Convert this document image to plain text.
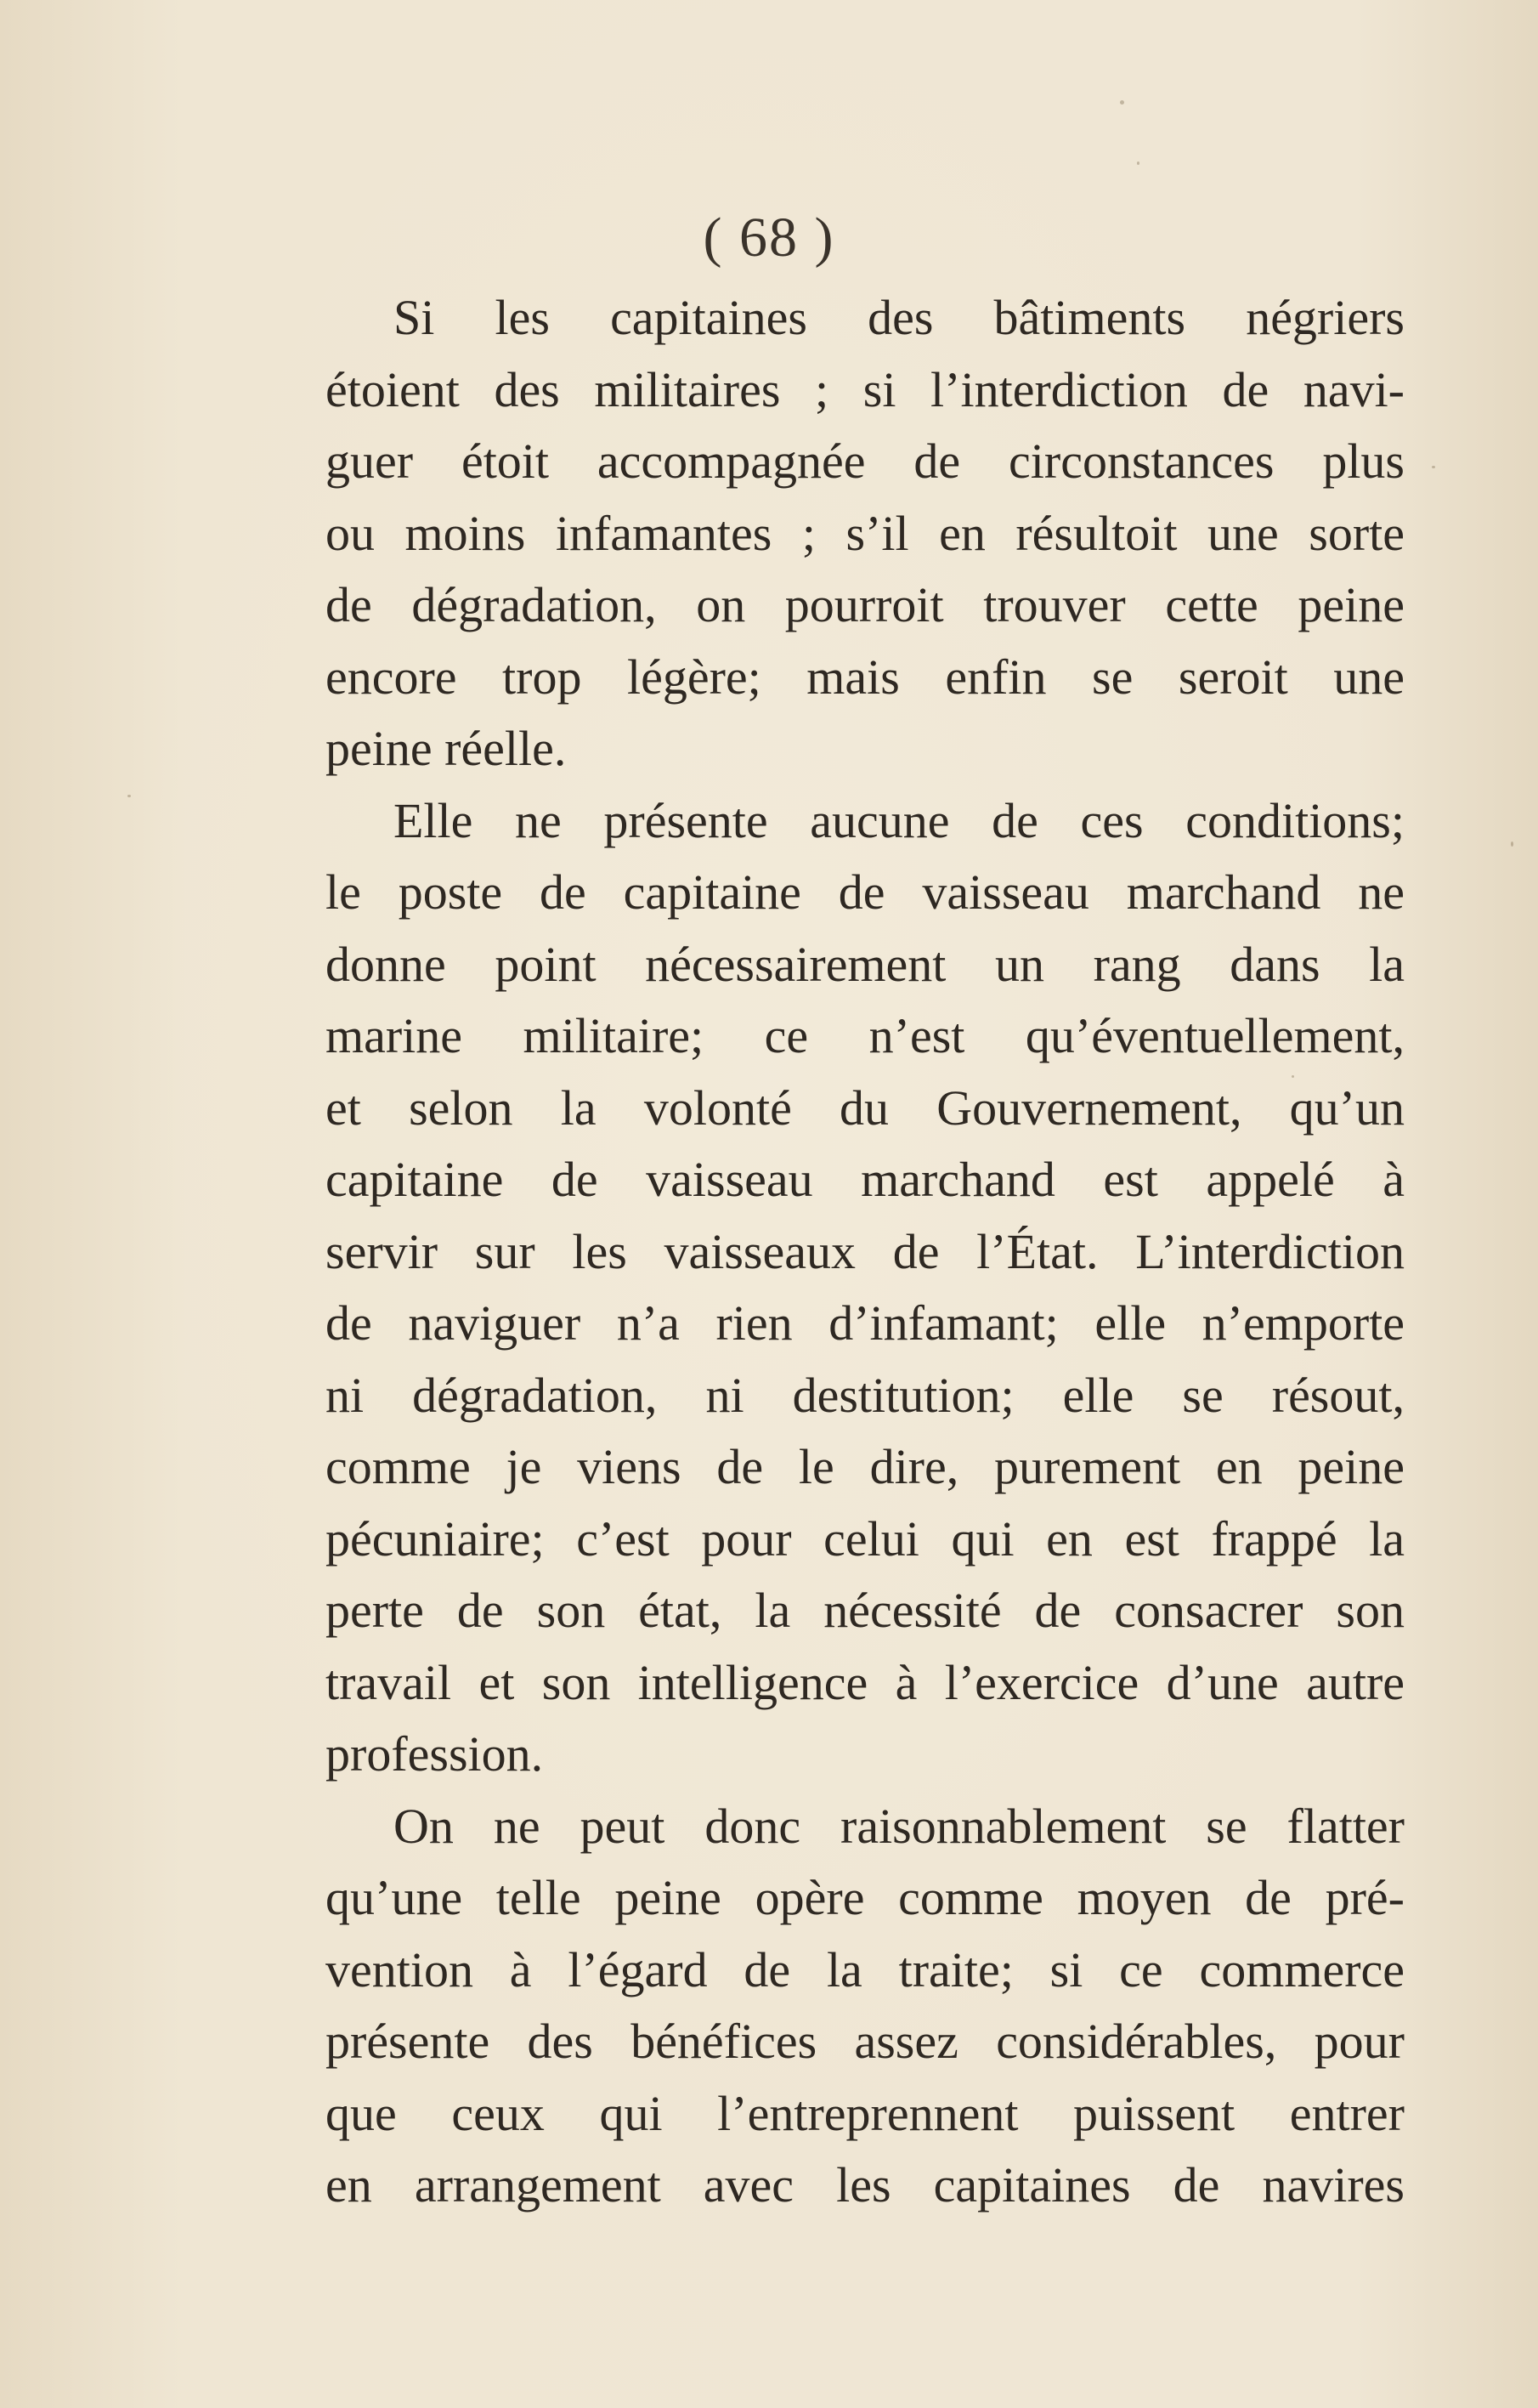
( 68 )
Si les capitaines des bâtiments négriers
étoient des militaires ; si l’interdiction de navi-
guer étoit accompagnée de circonstances plus
ou moins infamantes ; s’il en résultoit une sorte
de dégradation, on pourroit trouver cette peine
encore trop légère; mais enfin se seroit une
peine réelle.
Elle ne présente aucune de ces conditions;
le poste de capitaine de vaisseau marchand ne
donne point nécessairement un rang dans la
marine militaire; ce n’est qu’éventuellement,
et selon la volonté du Gouvernement, qu’un
capitaine de vaisseau marchand est appelé à
servir sur les vaisseaux de l’État. L’interdiction
de naviguer n’a rien d’infamant; elle n’emporte
ni dégradation, ni destitution; elle se résout,
comme je viens de le dire, purement en peine
pécuniaire; c’est pour celui qui en est frappé la
perte de son état, la nécessité de consacrer son
travail et son intelligence à l’exercice d’une autre
profession.
On ne peut donc raisonnablement se flatter
qu’une telle peine opère comme moyen de pré-
vention à l’égard de la traite; si ce commerce
présente des bénéfices assez considérables, pour
que ceux qui l’entreprennent puissent entrer
en arrangement avec les capitaines de navires
